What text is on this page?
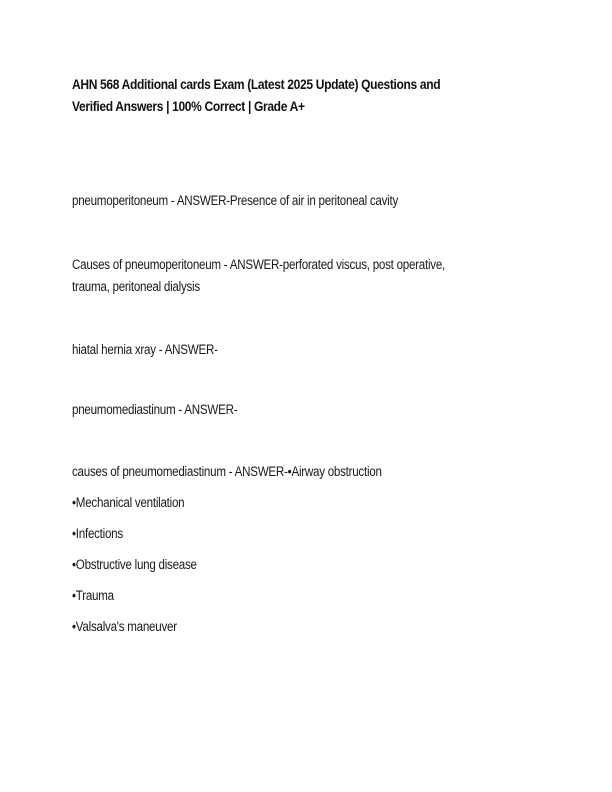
AHN 568 Additional cards Exam (Latest 2025 Update) Questions and
Verified Answers | 100% Correct | Grade A+
pneumoperitoneum - ANSWER-Presence of air in peritoneal cavity
Causes of pneumoperitoneum - ANSWER-perforated viscus, post operative,
trauma, peritoneal dialysis
hiatal hernia xray - ANSWER-
pneumomediastinum - ANSWER-
causes of pneumomediastinum - ANSWER-•Airway obstruction
•Mechanical ventilation
•Infections
•Obstructive lung disease
•Trauma
•Valsalva's maneuver
